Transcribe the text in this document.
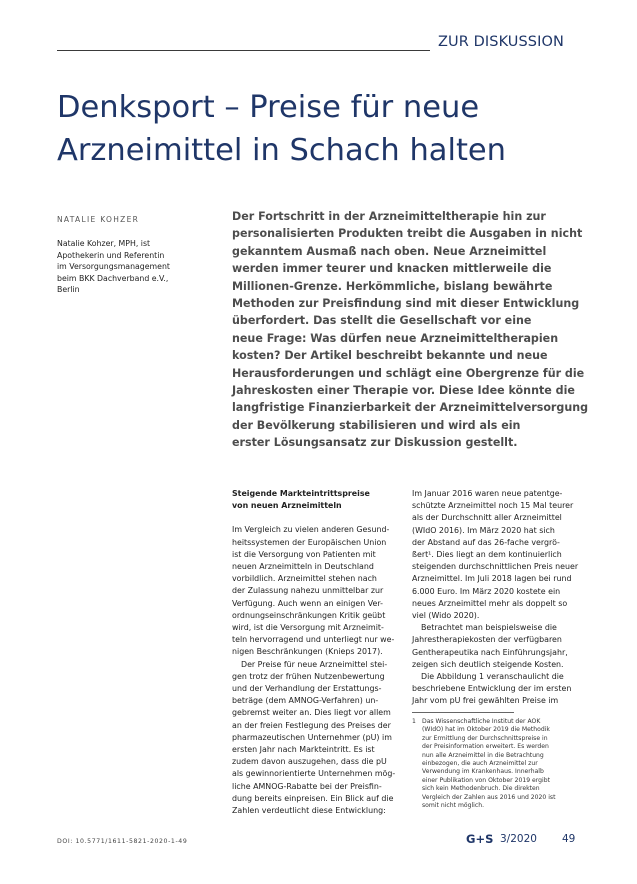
ZUR DISKUSSION
Denksport – Preise für neue
Arzneimittel in Schach halten
NATALIE KOHZER
Natalie Kohzer, MPH, ist
Apothekerin und Referentin
im Versorgungsmanagement
beim BKK Dachverband e.V.,
Berlin
Der Fortschritt in der Arzneimitteltherapie hin zur
personalisierten Produkten treibt die Ausgaben in nicht
gekanntem Ausmaß nach oben. Neue Arzneimittel
werden immer teurer und knacken mittlerweile die
Millionen-Grenze. Herkömmliche, bislang bewährte
Methoden zur Preisfindung sind mit dieser Entwicklung
überfordert. Das stellt die Gesellschaft vor eine
neue Frage: Was dürfen neue Arzneimitteltherapien
kosten? Der Artikel beschreibt bekannte und neue
Herausforderungen und schlägt eine Obergrenze für die
Jahreskosten einer Therapie vor. Diese Idee könnte die
langfristige Finanzierbarkeit der Arzneimittelversorgung
der Bevölkerung stabilisieren und wird als ein
erster Lösungsansatz zur Diskussion gestellt.
Steigende Markteintrittspreise
von neuen Arzneimitteln
Im Vergleich zu vielen anderen Gesund-
heitssystemen der Europäischen Union
ist die Versorgung von Patienten mit
neuen Arzneimitteln in Deutschland
vorbildlich. Arzneimittel stehen nach
der Zulassung nahezu unmittelbar zur
Verfügung. Auch wenn an einigen Ver-
ordnungseinschränkungen Kritik geübt
wird, ist die Versorgung mit Arzneimit-
teln hervorragend und unterliegt nur we-
nigen Beschränkungen (Knieps 2017).
Der Preise für neue Arzneimittel stei-
gen trotz der frühen Nutzenbewertung
und der Verhandlung der Erstattungs-
beträge (dem AMNOG-Verfahren) un-
gebremst weiter an. Dies liegt vor allem
an der freien Festlegung des Preises der
pharmazeutischen Unternehmer (pU) im
ersten Jahr nach Markteintritt. Es ist
zudem davon auszugehen, dass die pU
als gewinnorientierte Unternehmen mög-
liche AMNOG-Rabatte bei der Preisfin-
dung bereits einpreisen. Ein Blick auf die
Zahlen verdeutlicht diese Entwicklung:
Im Januar 2016 waren neue patentge-
schützte Arzneimittel noch 15 Mal teurer
als der Durchschnitt aller Arzneimittel
(WIdO 2016). Im März 2020 hat sich
der Abstand auf das 26-fache vergrö-
ßert¹. Dies liegt an dem kontinuierlich
steigenden durchschnittlichen Preis neuer
Arzneimittel. Im Juli 2018 lagen bei rund
6.000 Euro. Im März 2020 kostete ein
neues Arzneimittel mehr als doppelt so
viel (Wido 2020).
Betrachtet man beispielsweise die
Jahrestherapiekosten der verfügbaren
Gentherapeutika nach Einführungsjahr,
zeigen sich deutlich steigende Kosten.
Die Abbildung 1 veranschaulicht die
beschriebene Entwicklung der im ersten
Jahr vom pU frei gewählten Preise im
1 Das Wissenschaftliche Institut der AOK
(WIdO) hat im Oktober 2019 die Methodik
zur Ermittlung der Durchschnittspreise in
der Preisinformation erweitert. Es werden
nun alle Arzneimittel in die Betrachtung
einbezogen, die auch Arzneimittel zur
Verwendung im Krankenhaus. Innerhalb
einer Publikation von Oktober 2019 ergibt
sich kein Methodenbruch. Die direkten
Vergleich der Zahlen aus 2016 und 2020 ist
somit nicht möglich.
DOI: 10.5771/1611-5821-2020-1-49	G+S 3/2020 49
